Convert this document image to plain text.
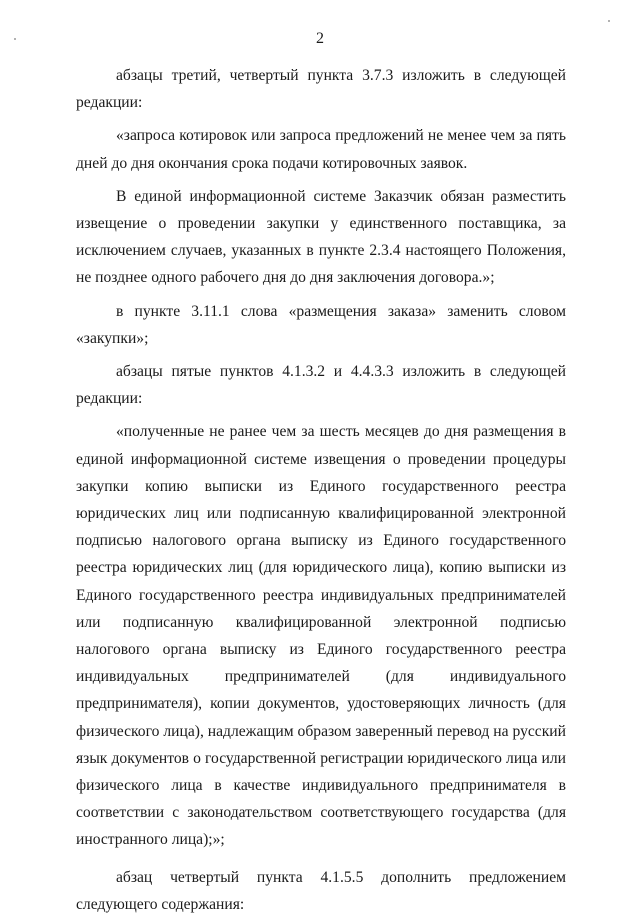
2

абзацы третий, четвертый пункта 3.7.3 изложить в следующей редакции:

«запроса котировок или запроса предложений не менее чем за пять дней до дня окончания срока подачи котировочных заявок.

В единой информационной системе Заказчик обязан разместить извещение о проведении закупки у единственного поставщика, за исключением случаев, указанных в пункте 2.3.4 настоящего Положения, не позднее одного рабочего дня до дня заключения договора.»;

в пункте 3.11.1 слова «размещения заказа» заменить словом «закупки»;

абзацы пятые пунктов 4.1.3.2 и 4.4.3.3 изложить в следующей редакции:

«полученные не ранее чем за шесть месяцев до дня размещения в единой информационной системе извещения о проведении процедуры закупки копию выписки из Единого государственного реестра юридических лиц или подписанную квалифицированной электронной подписью налогового органа выписку из Единого государственного реестра юридических лиц (для юридического лица), копию выписки из Единого государственного реестра индивидуальных предпринимателей или подписанную квалифицированной электронной подписью налогового органа выписку из Единого государственного реестра индивидуальных предпринимателей (для индивидуального предпринимателя), копии документов, удостоверяющих личность (для физического лица), надлежащим образом заверенный перевод на русский язык документов о государственной регистрации юридического лица или физического лица в качестве индивидуального предпринимателя в соответствии с законодательством соответствующего государства (для иностранного лица);»;

абзац четвертый пункта 4.1.5.5 дополнить предложением следующего содержания:
